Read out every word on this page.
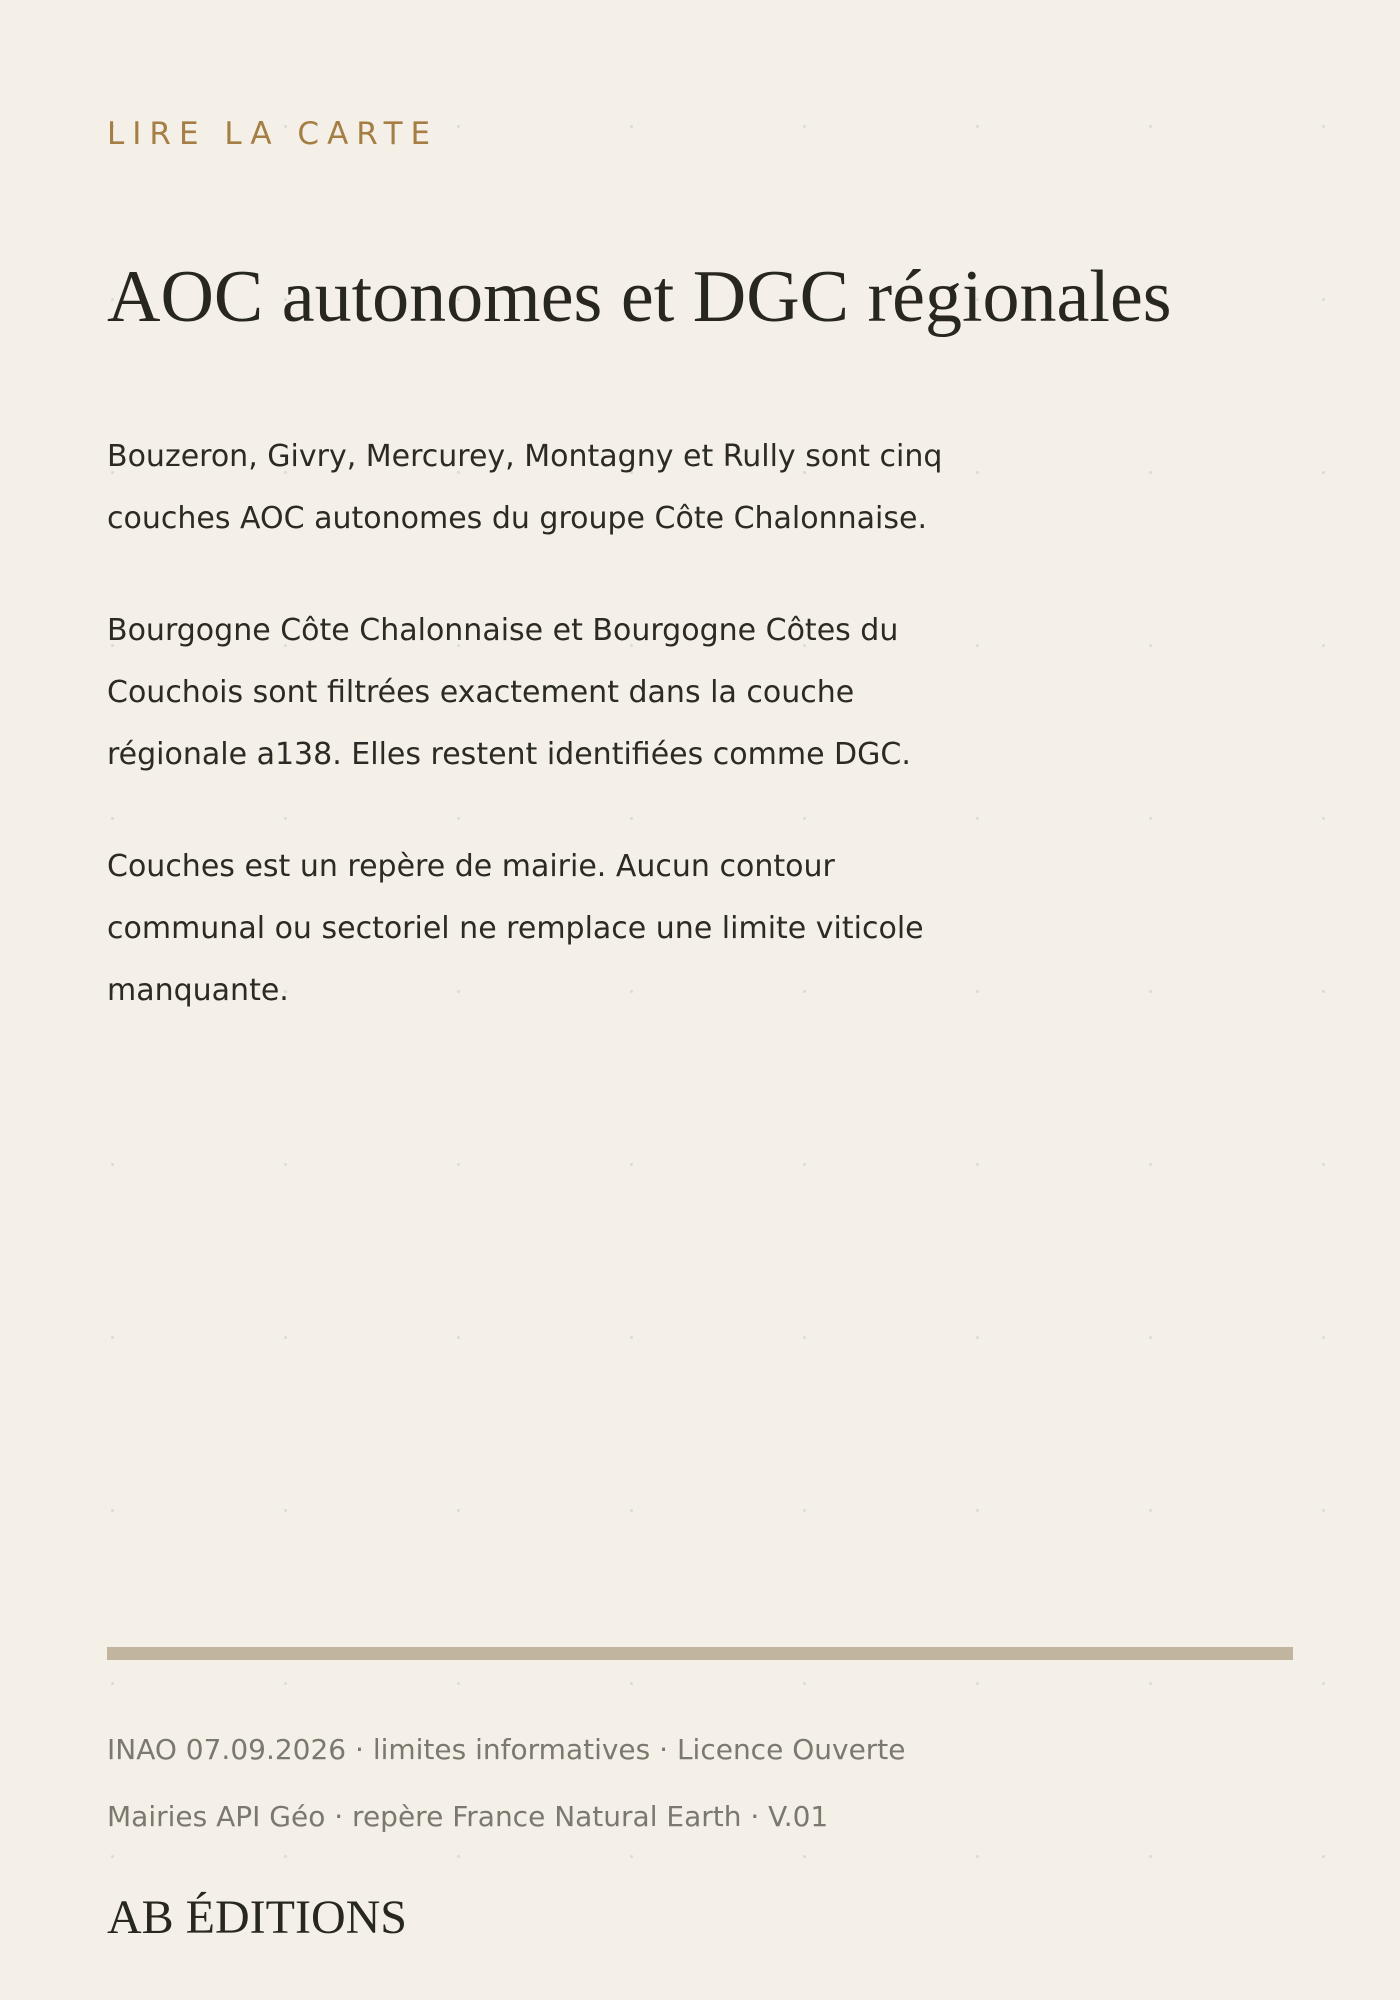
LIRE LA CARTE
AOC autonomes et DGC régionales

Bouzeron, Givry, Mercurey, Montagny et Rully sont cinq couches AOC autonomes du groupe Côte Chalonnaise.

Bourgogne Côte Chalonnaise et Bourgogne Côtes du Couchois sont filtrées exactement dans la couche régionale a138. Elles restent identifiées comme DGC.

Couches est un repère de mairie. Aucun contour communal ou sectoriel ne remplace une limite viticole manquante.

INAO 07.09.2026 · limites informatives · Licence Ouverte

Mairies API Géo · repère France Natural Earth · V.01

AB ÉDITIONS
